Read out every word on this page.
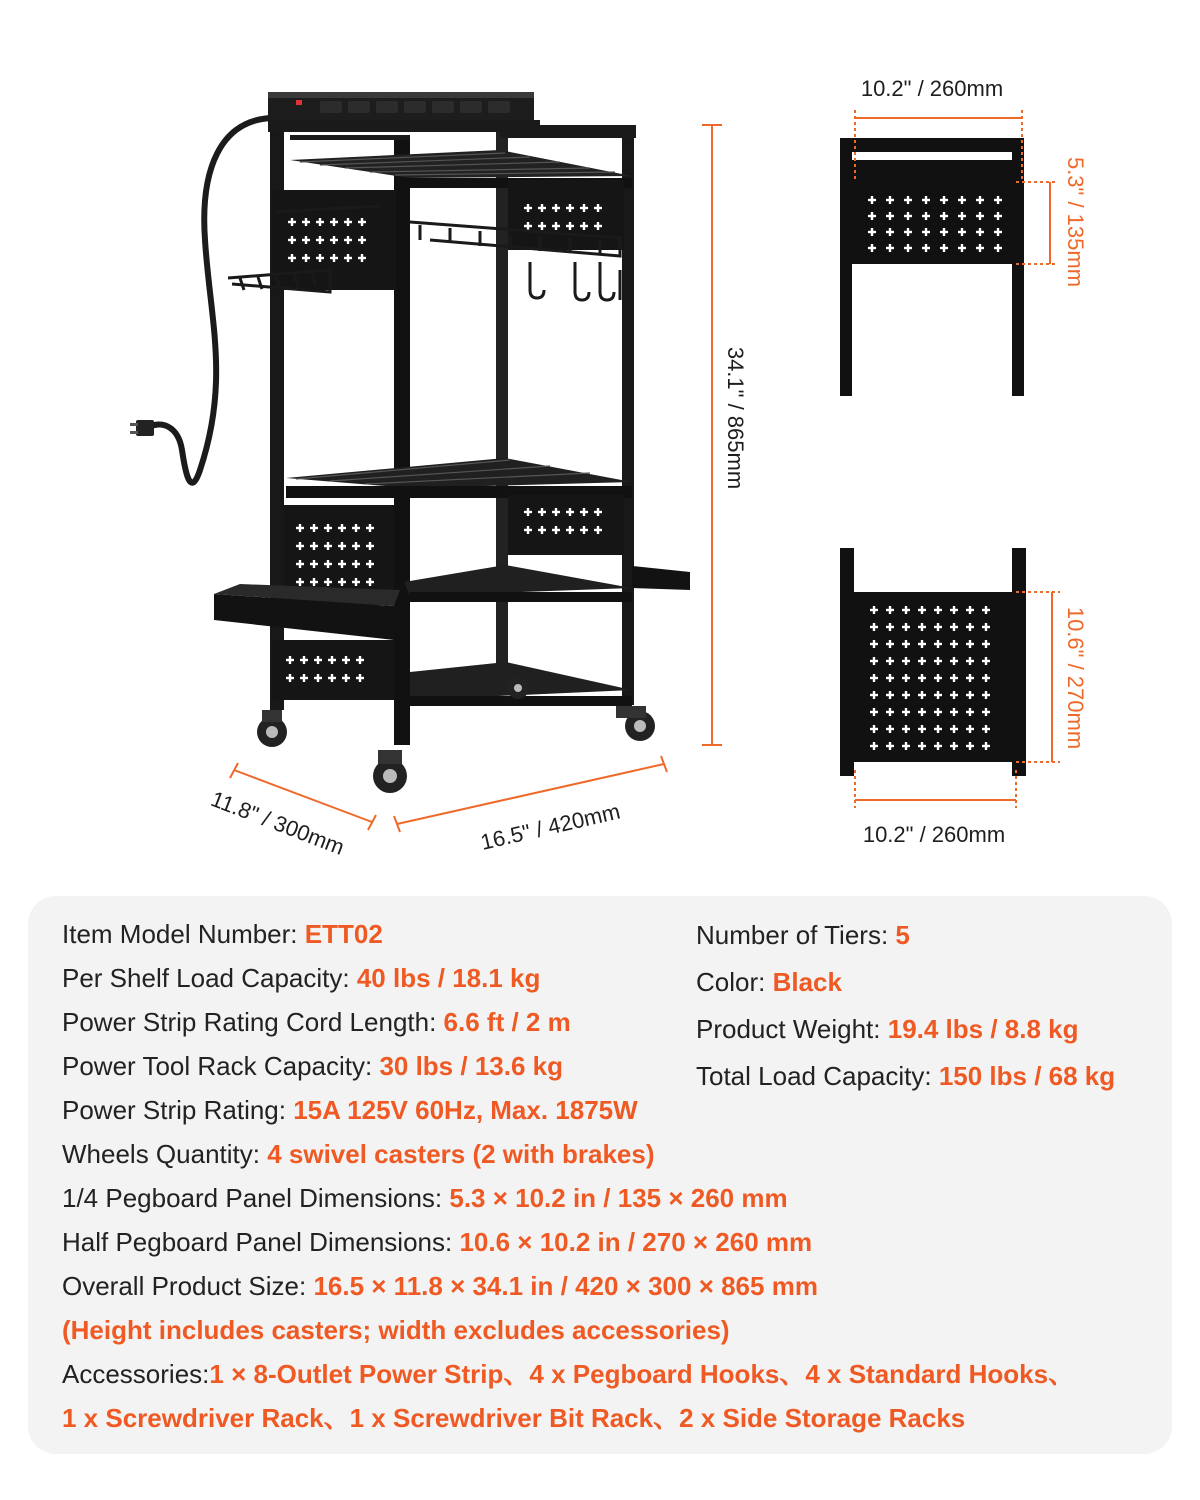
34.1" / 865mm
16.5" / 420mm
11.8" / 300mm
10.2" / 260mm
5.3" / 135mm
10.6" / 270mm
10.2" / 260mm
Item Model Number: ETT02
Per Shelf Load Capacity: 40 lbs / 18.1 kg
Power Strip Rating Cord Length: 6.6 ft / 2 m
Power Tool Rack Capacity: 30 lbs / 13.6 kg
Power Strip Rating: 15A 125V 60Hz, Max. 1875W
Wheels Quantity: 4 swivel casters (2 with brakes)
1/4 Pegboard Panel Dimensions: 5.3 × 10.2 in / 135 × 260 mm
Half Pegboard Panel Dimensions: 10.6 × 10.2 in / 270 × 260 mm
Overall Product Size: 16.5 × 11.8 × 34.1 in / 420 × 300 × 865 mm
(Height includes casters; width excludes accessories)
Accessories:1 × 8-Outlet Power Strip、4 x Pegboard Hooks、4 x Standard Hooks、
1 x Screwdriver Rack、1 x Screwdriver Bit Rack、2 x Side Storage Racks
Number of Tiers: 5
Color: Black
Product Weight: 19.4 lbs / 8.8 kg
Total Load Capacity: 150 lbs / 68 kg
